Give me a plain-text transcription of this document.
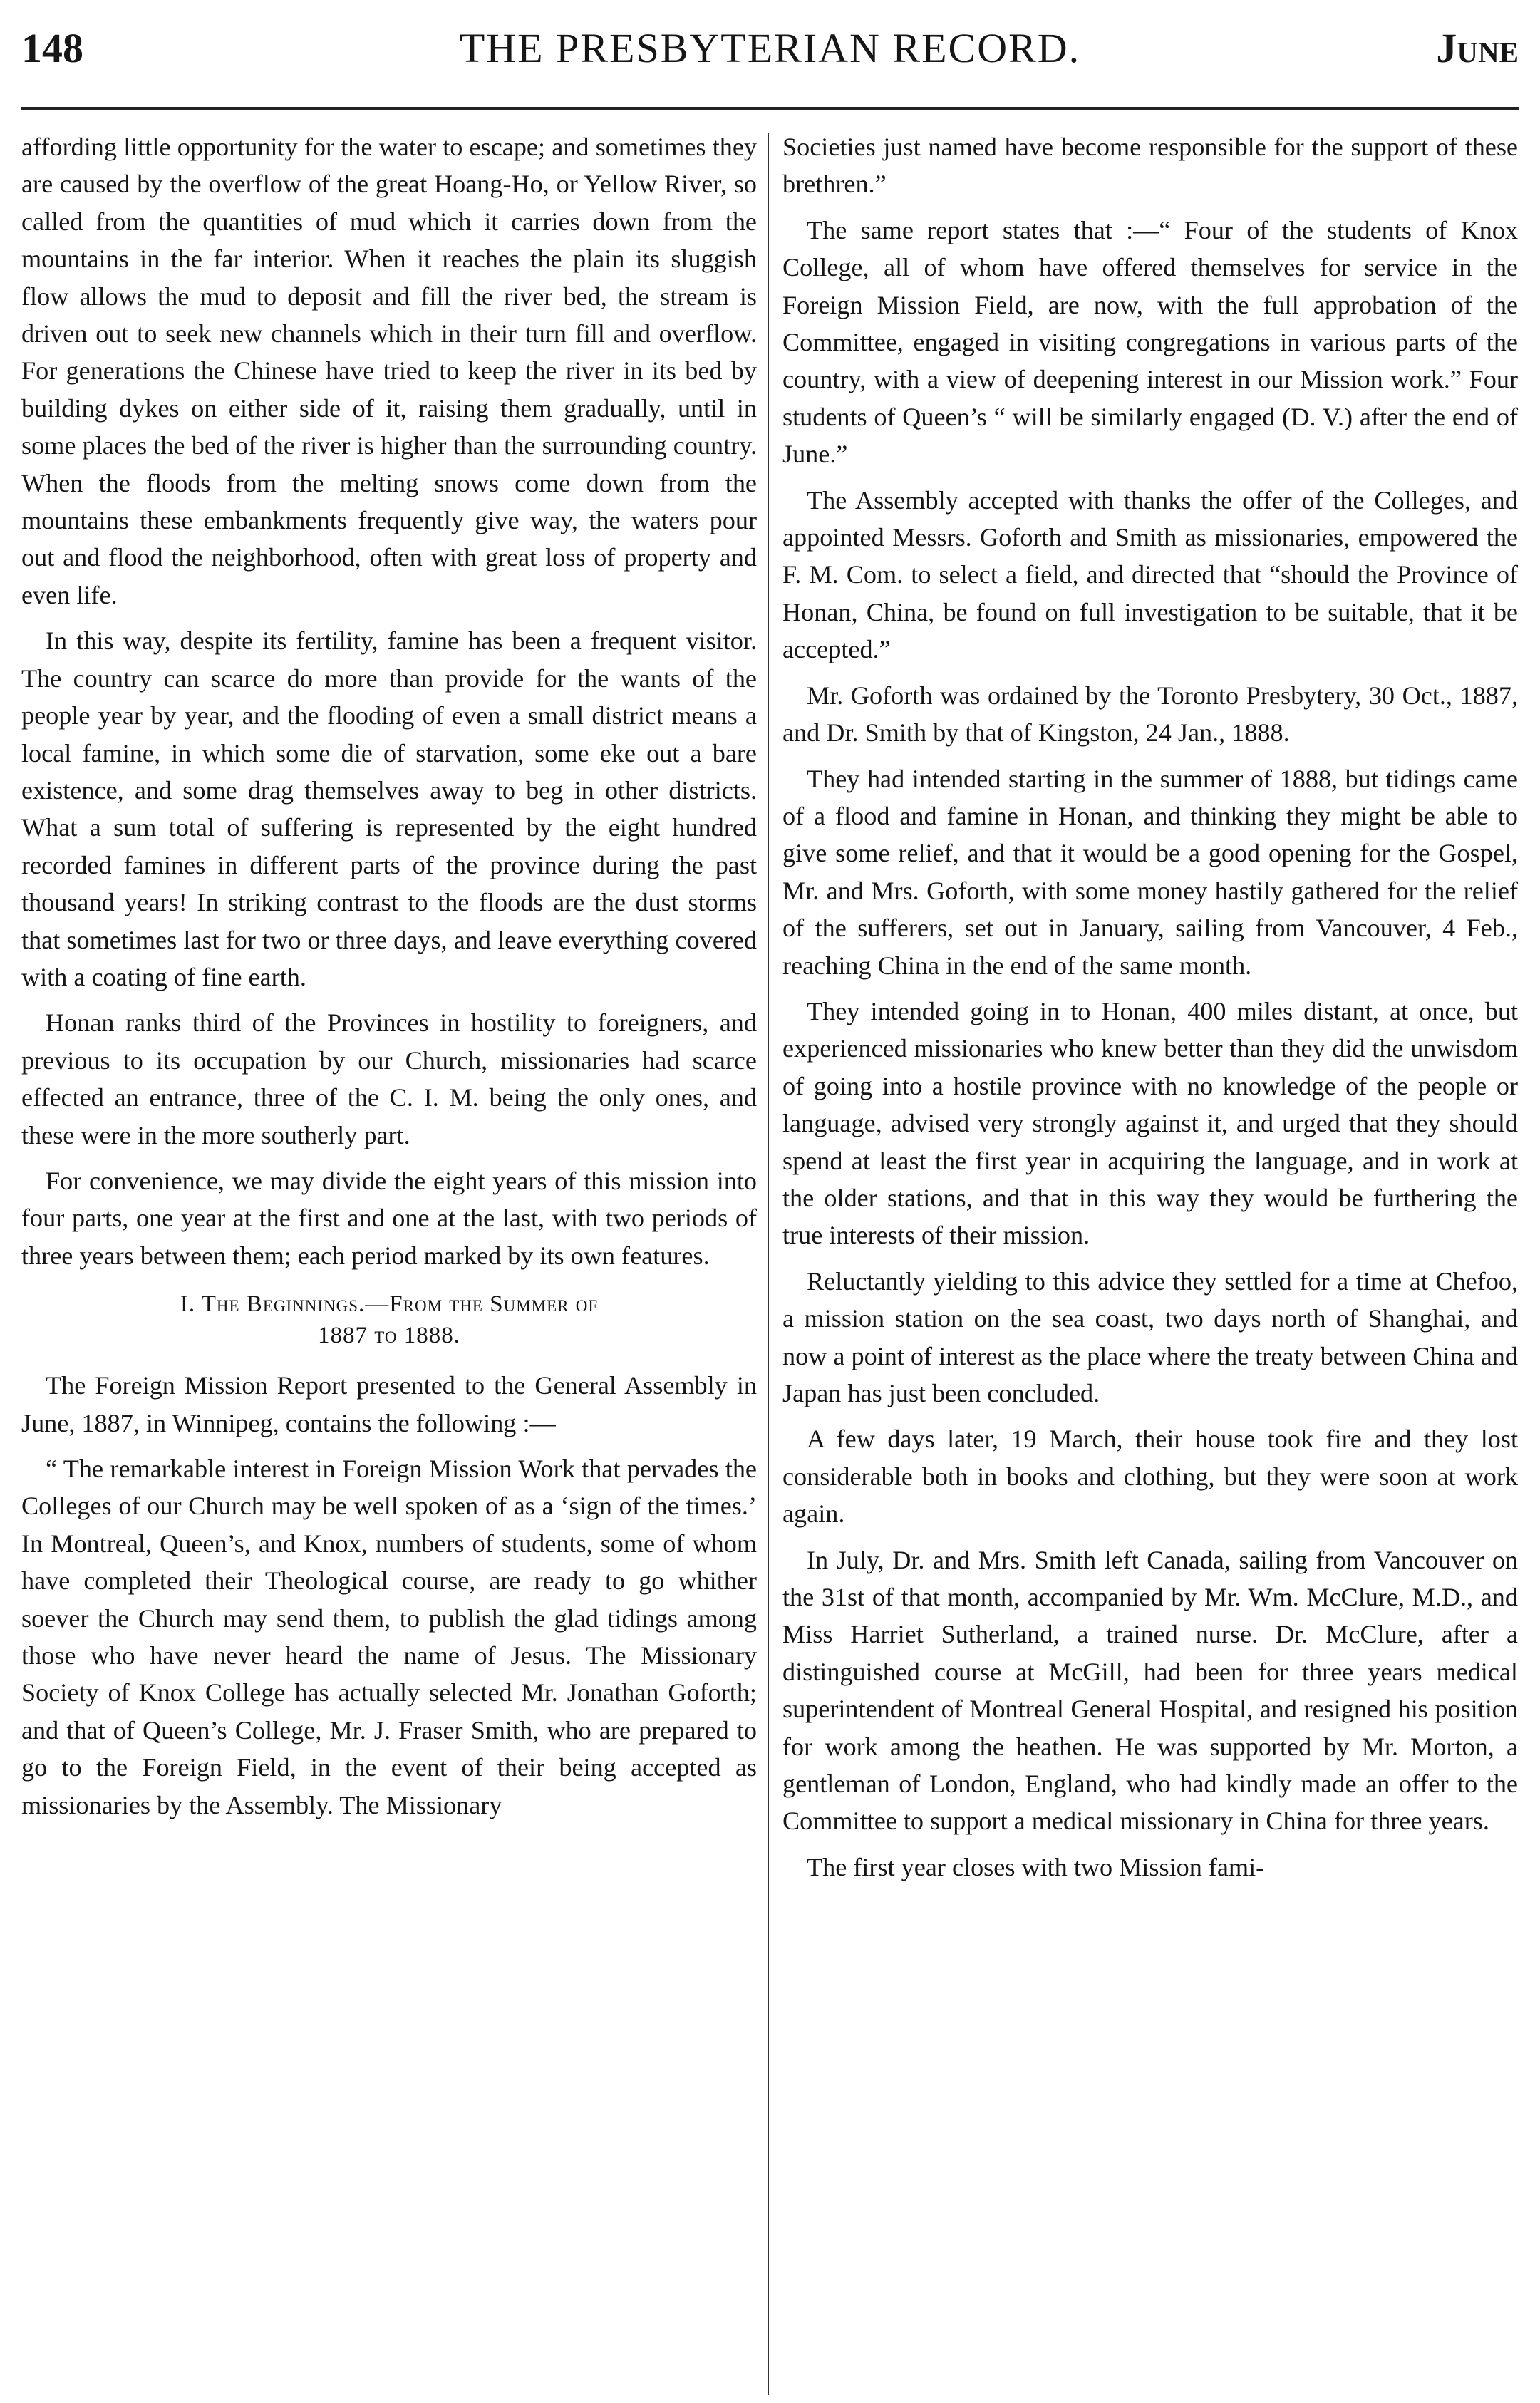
148	THE PRESBYTERIAN RECORD.	June

affording little opportunity for the water to escape; and sometimes they are caused by the overflow of the great Hoang-Ho, or Yellow River, so called from the quantities of mud which it carries down from the mountains in the far interior. When it reaches the plain its sluggish flow allows the mud to deposit and fill the river bed, the stream is driven out to seek new channels which in their turn fill and overflow. For generations the Chinese have tried to keep the river in its bed by building dykes on either side of it, raising them gradually, until in some places the bed of the river is higher than the surrounding country. When the floods from the melting snows come down from the mountains these embankments frequently give way, the waters pour out and flood the neighborhood, often with great loss of property and even life.

In this way, despite its fertility, famine has been a frequent visitor. The country can scarce do more than provide for the wants of the people year by year, and the flooding of even a small district means a local famine, in which some die of starvation, some eke out a bare existence, and some drag themselves away to beg in other districts. What a sum total of suffering is represented by the eight hundred recorded famines in different parts of the province during the past thousand years! In striking contrast to the floods are the dust storms that sometimes last for two or three days, and leave everything covered with a coating of fine earth.

Honan ranks third of the Provinces in hostility to foreigners, and previous to its occupation by our Church, missionaries had scarce effected an entrance, three of the C. I. M. being the only ones, and these were in the more southerly part.

For convenience, we may divide the eight years of this mission into four parts, one year at the first and one at the last, with two periods of three years between them; each period marked by its own features.

I. The Beginnings.—From the Summer of
1887 to 1888.

The Foreign Mission Report presented to the General Assembly in June, 1887, in Winnipeg, contains the following :—

“ The remarkable interest in Foreign Mission Work that pervades the Colleges of our Church may be well spoken of as a ‘sign of the times.’ In Montreal, Queen’s, and Knox, numbers of students, some of whom have completed their Theological course, are ready to go whither soever the Church may send them, to publish the glad tidings among those who have never heard the name of Jesus. The Missionary Society of Knox College has actually selected Mr. Jonathan Goforth; and that of Queen’s College, Mr. J. Fraser Smith, who are prepared to go to the Foreign Field, in the event of their being accepted as missionaries by the Assembly. The Missionary

Societies just named have become responsible for the support of these brethren.”

The same report states that :—“ Four of the students of Knox College, all of whom have offered themselves for service in the Foreign Mission Field, are now, with the full approbation of the Committee, engaged in visiting congregations in various parts of the country, with a view of deepening interest in our Mission work.” Four students of Queen’s “ will be similarly engaged (D. V.) after the end of June.”

The Assembly accepted with thanks the offer of the Colleges, and appointed Messrs. Goforth and Smith as missionaries, empowered the F. M. Com. to select a field, and directed that “should the Province of Honan, China, be found on full investigation to be suitable, that it be accepted.”

Mr. Goforth was ordained by the Toronto Presbytery, 30 Oct., 1887, and Dr. Smith by that of Kingston, 24 Jan., 1888.

They had intended starting in the summer of 1888, but tidings came of a flood and famine in Honan, and thinking they might be able to give some relief, and that it would be a good opening for the Gospel, Mr. and Mrs. Goforth, with some money hastily gathered for the relief of the sufferers, set out in January, sailing from Vancouver, 4 Feb., reaching China in the end of the same month.

They intended going in to Honan, 400 miles distant, at once, but experienced missionaries who knew better than they did the unwisdom of going into a hostile province with no knowledge of the people or language, advised very strongly against it, and urged that they should spend at least the first year in acquiring the language, and in work at the older stations, and that in this way they would be furthering the true interests of their mission.

Reluctantly yielding to this advice they settled for a time at Chefoo, a mission station on the sea coast, two days north of Shanghai, and now a point of interest as the place where the treaty between China and Japan has just been concluded.

A few days later, 19 March, their house took fire and they lost considerable both in books and clothing, but they were soon at work again.

In July, Dr. and Mrs. Smith left Canada, sailing from Vancouver on the 31st of that month, accompanied by Mr. Wm. McClure, M.D., and Miss Harriet Sutherland, a trained nurse. Dr. McClure, after a distinguished course at McGill, had been for three years medical superintendent of Montreal General Hospital, and resigned his position for work among the heathen. He was supported by Mr. Morton, a gentleman of London, England, who had kindly made an offer to the Committee to support a medical missionary in China for three years.

The first year closes with two Mission fami-
